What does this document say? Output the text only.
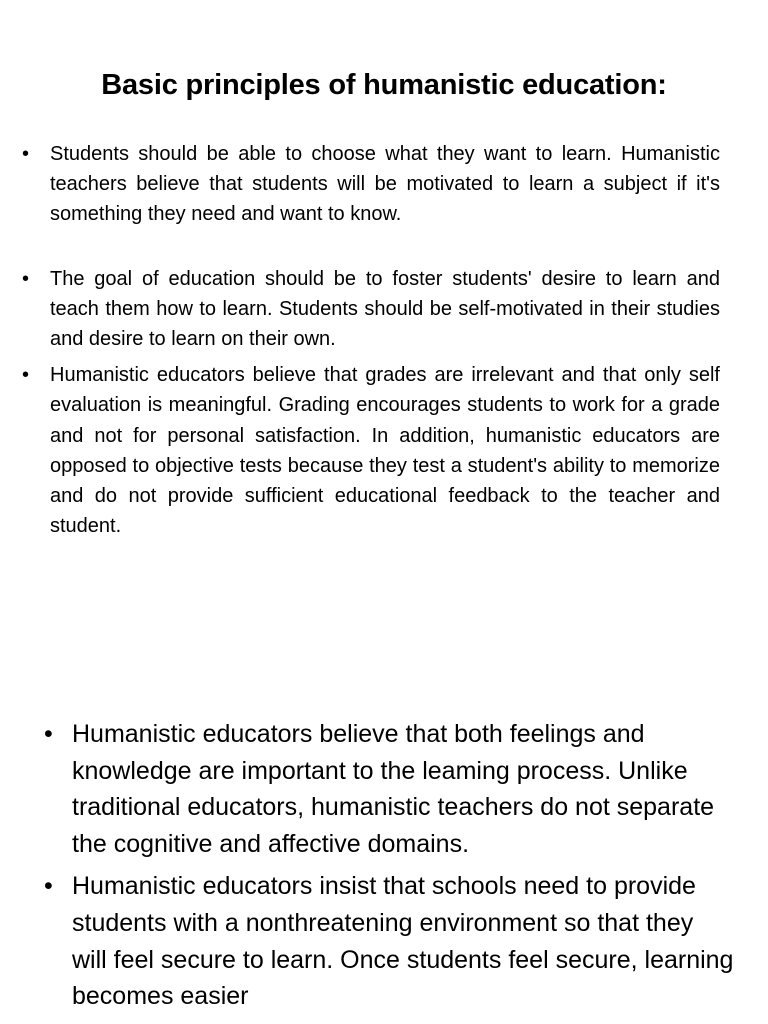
Basic principles of humanistic education:
• Students should be able to choose what they want to learn. Humanistic teachers believe that students will be motivated to learn a subject if it's something they need and want to know.
• The goal of education should be to foster students' desire to learn and teach them how to learn. Students should be self-motivated in their studies and desire to learn on their own.
• Humanistic educators believe that grades are irrelevant and that only self evaluation is meaningful. Grading encourages students to work for a grade and not for personal satisfaction. In addition, humanistic educators are opposed to objective tests because they test a student's ability to memorize and do not provide sufficient educational feedback to the teacher and student.
• Humanistic educators believe that both feelings and knowledge are important to the leaming process. Unlike traditional educators, humanistic teachers do not separate the cognitive and affective domains.
• Humanistic educators insist that schools need to provide students with a nonthreatening environment so that they will feel secure to learn. Once students feel secure, learning becomes easier
